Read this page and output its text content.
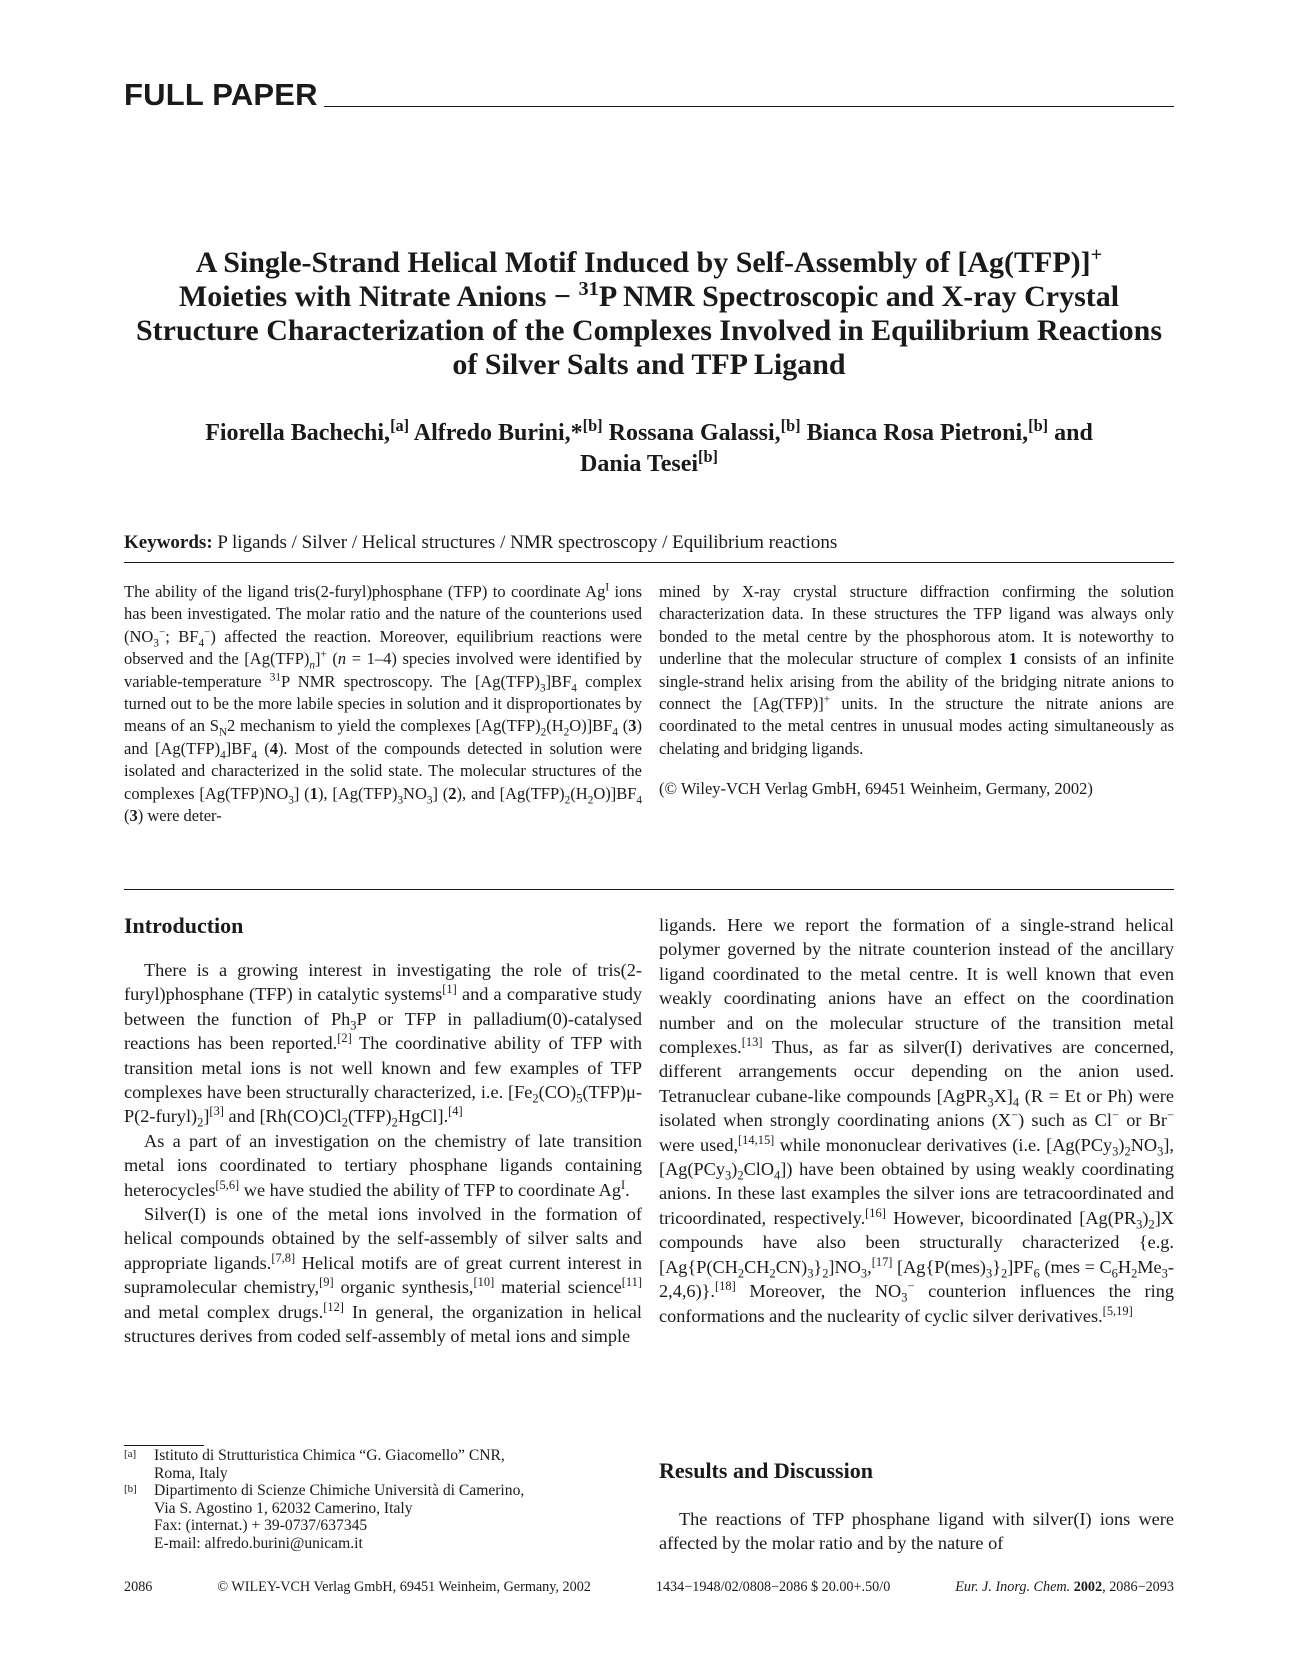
FULL PAPER
A Single-Strand Helical Motif Induced by Self-Assembly of [Ag(TFP)]+
Moieties with Nitrate Anions − $^{31}$P NMR Spectroscopic and X-ray Crystal
Structure Characterization of the Complexes Involved in Equilibrium Reactions
of Silver Salts and TFP Ligand
Fiorella Bachechi,[a] Alfredo Burini,*[b] Rossana Galassi,[b] Bianca Rosa Pietroni,[b] and
Dania Tesei[b]
Keywords: P ligands / Silver / Helical structures / NMR spectroscopy / Equilibrium reactions

The ability of the ligand tris(2-furyl)phosphane (TFP) to coordinate $Ag^I$ ions has been investigated. The molar ratio and the nature of the counterions used ($NO_3^-$; $BF_4^-$) affected the reaction. Moreover, equilibrium reactions were observed and the $[Ag(TFP)_n]^+$ (n = 1–4) species involved were identified by variable-temperature $^{31}$P NMR spectroscopy. The $[Ag(TFP)_3]BF_4$ complex turned out to be the more labile species in solution and it disproportionates by means of an $S_N2$ mechanism to yield the complexes $[Ag(TFP)_2(H_2O)]BF_4$ (3) and $[Ag(TFP)_4]BF_4$ (4). Most of the compounds detected in solution were isolated and characterized in the solid state. The molecular structures of the complexes $[Ag(TFP)NO_3]$ (1), $[Ag(TFP)_3NO_3]$ (2), and $[Ag(TFP)_2(H_2O)]BF_4$ (3) were deter-

mined by X-ray crystal structure diffraction confirming the solution characterization data. In these structures the TFP ligand was always only bonded to the metal centre by the phosphorous atom. It is noteworthy to underline that the molecular structure of complex 1 consists of an infinite single-strand helix arising from the ability of the bridging nitrate anions to connect the [Ag(TFP)]+ units. In the structure the nitrate anions are coordinated to the metal centres in unusual modes acting simultaneously as chelating and bridging ligands.

(© Wiley-VCH Verlag GmbH, 69451 Weinheim, Germany, 2002)

Introduction

There is a growing interest in investigating the role of tris(2-furyl)phosphane (TFP) in catalytic systems[1] and a comparative study between the function of $Ph_3P$ or TFP in palladium(0)-catalysed reactions has been reported.[2] The coordinative ability of TFP with transition metal ions is not well known and few examples of TFP complexes have been structurally characterized, i.e. $[Fe_2(CO)_5(TFP)\mu-P(2-furyl)_2][3]$ and $[Rh(CO)Cl_2(TFP)_2HgCl].[4]$

As a part of an investigation on the chemistry of late transition metal ions coordinated to tertiary phosphane ligands containing heterocycles[5,6] we have studied the ability of TFP to coordinate $Ag^I$.

Silver(I) is one of the metal ions involved in the formation of helical compounds obtained by the self-assembly of silver salts and appropriate ligands.[7,8] Helical motifs are of great current interest in supramolecular chemistry,[9] organic synthesis,[10] material science[11] and metal complex drugs.[12] In general, the organization in helical structures derives from coded self-assembly of metal ions and simple

[a]	Istituto di Strutturistica Chimica “G. Giacomello” CNR,
Roma, Italy
[b]	Dipartimento di Scienze Chimiche Università di Camerino,
Via S. Agostino 1, 62032 Camerino, Italy
Fax: (internat.) + 39-0737/637345
E-mail: alfredo.burini@unicam.it

ligands. Here we report the formation of a single-strand helical polymer governed by the nitrate counterion instead of the ancillary ligand coordinated to the metal centre. It is well known that even weakly coordinating anions have an effect on the coordination number and on the molecular structure of the transition metal complexes.[13] Thus, as far as silver(I) derivatives are concerned, different arrangements occur depending on the anion used. Tetranuclear cubane-like compounds $[AgPR_3X]_4$ (R = Et or Ph) were isolated when strongly coordinating anions (X−) such as Cl− or Br− were used,[14,15] while mononuclear derivatives (i.e. $[Ag(PCy_3)_2NO_3]$, $[Ag(PCy_3)_2ClO_4]$) have been obtained by using weakly coordinating anions. In these last examples the silver ions are tetracoordinated and tricoordinated, respectively.[16] However, bicoordinated $[Ag(PR_3)_2]X$ compounds have also been structurally characterized {$e.g.[Ag\{P(CH_2CH_2CN)_3\}_2]NO_3,[17]$ $[Ag\{P(mes)_3\}_2]PF_6$ $(mes = C_6H_2Me_3-2,4,6)\}.[18]$ Moreover, the $NO_3^-$ counterion influences the ring conformations and the nuclearity of cyclic silver derivatives.[5,19]

Results and Discussion

The reactions of TFP phosphane ligand with silver(I) ions were affected by the molar ratio and by the nature of

2086	© WILEY-VCH Verlag GmbH, 69451 Weinheim, Germany, 2002	1434−1948/02/0808−2086 $ 20.00+.50/0	Eur. J. Inorg. Chem. 2002, 2086−2093
